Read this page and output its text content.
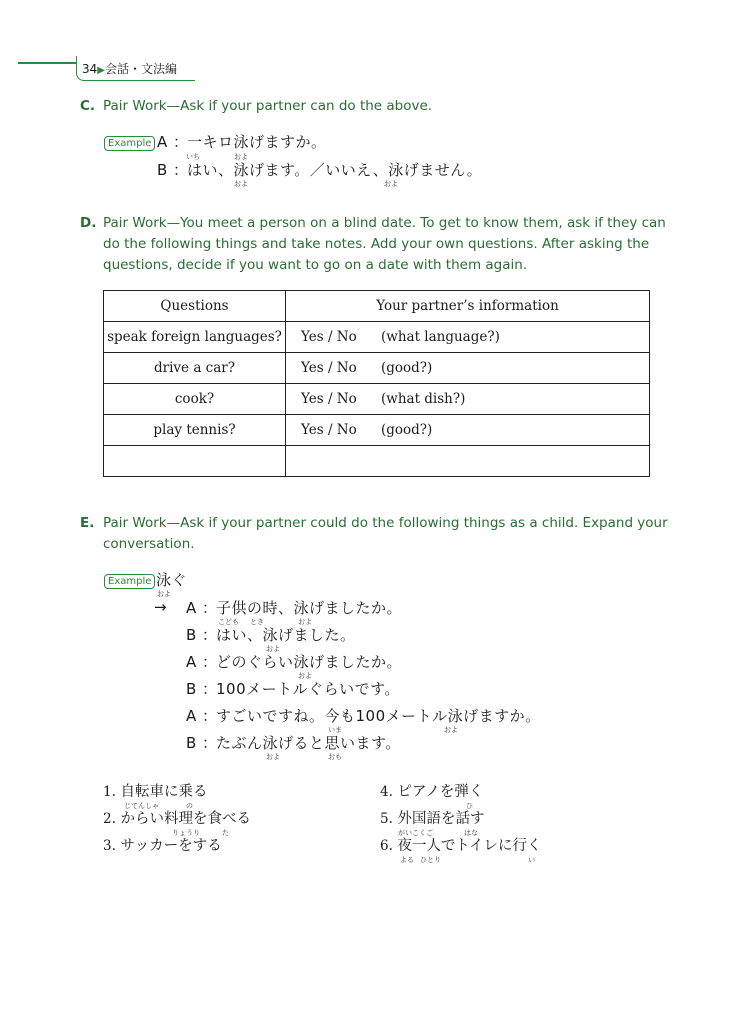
34▶会話・文法編
C. Pair Work—Ask if your partner can do the above.
Example A ：一キロ泳げますか。
いち	およ
B ：はい、泳げます。／いいえ、泳げません。
およ	およ
D. Pair Work—You meet a person on a blind date. To get to know them, ask if they can
do the following things and take notes. Add your own questions. After asking the
questions, decide if you want to go on a date with them again.
Questions	Your partner’s information
speak foreign languages?	Yes / No (what language?)
drive a car?	Yes / No (good?)
cook?	Yes / No (what dish?)
play tennis?	Yes / No (good?)

E. Pair Work—Ask if your partner could do the following things as a child. Expand your
conversation.
Example 泳ぐ
およ
→ A ：子供の時、泳げましたか。
こども とき	およ
B ：はい、泳げました。
およ
A ：どのぐらい泳げましたか。
およ
B ：100メートルぐらいです。
A ：すごいですね。今も100メートル泳げますか。
いま	およ
B ：たぶん泳げると思います。
およ	おも
1. 自転車に乗る
じてんしゃ	の
2. からい料理を食べる
りょうり	た
3. サッカーをする
4. ピアノを弾く
ひ
5. 外国語を話す
がいこくご	はな
6. 夜一人でトイレに行く
よる ひとり	い
